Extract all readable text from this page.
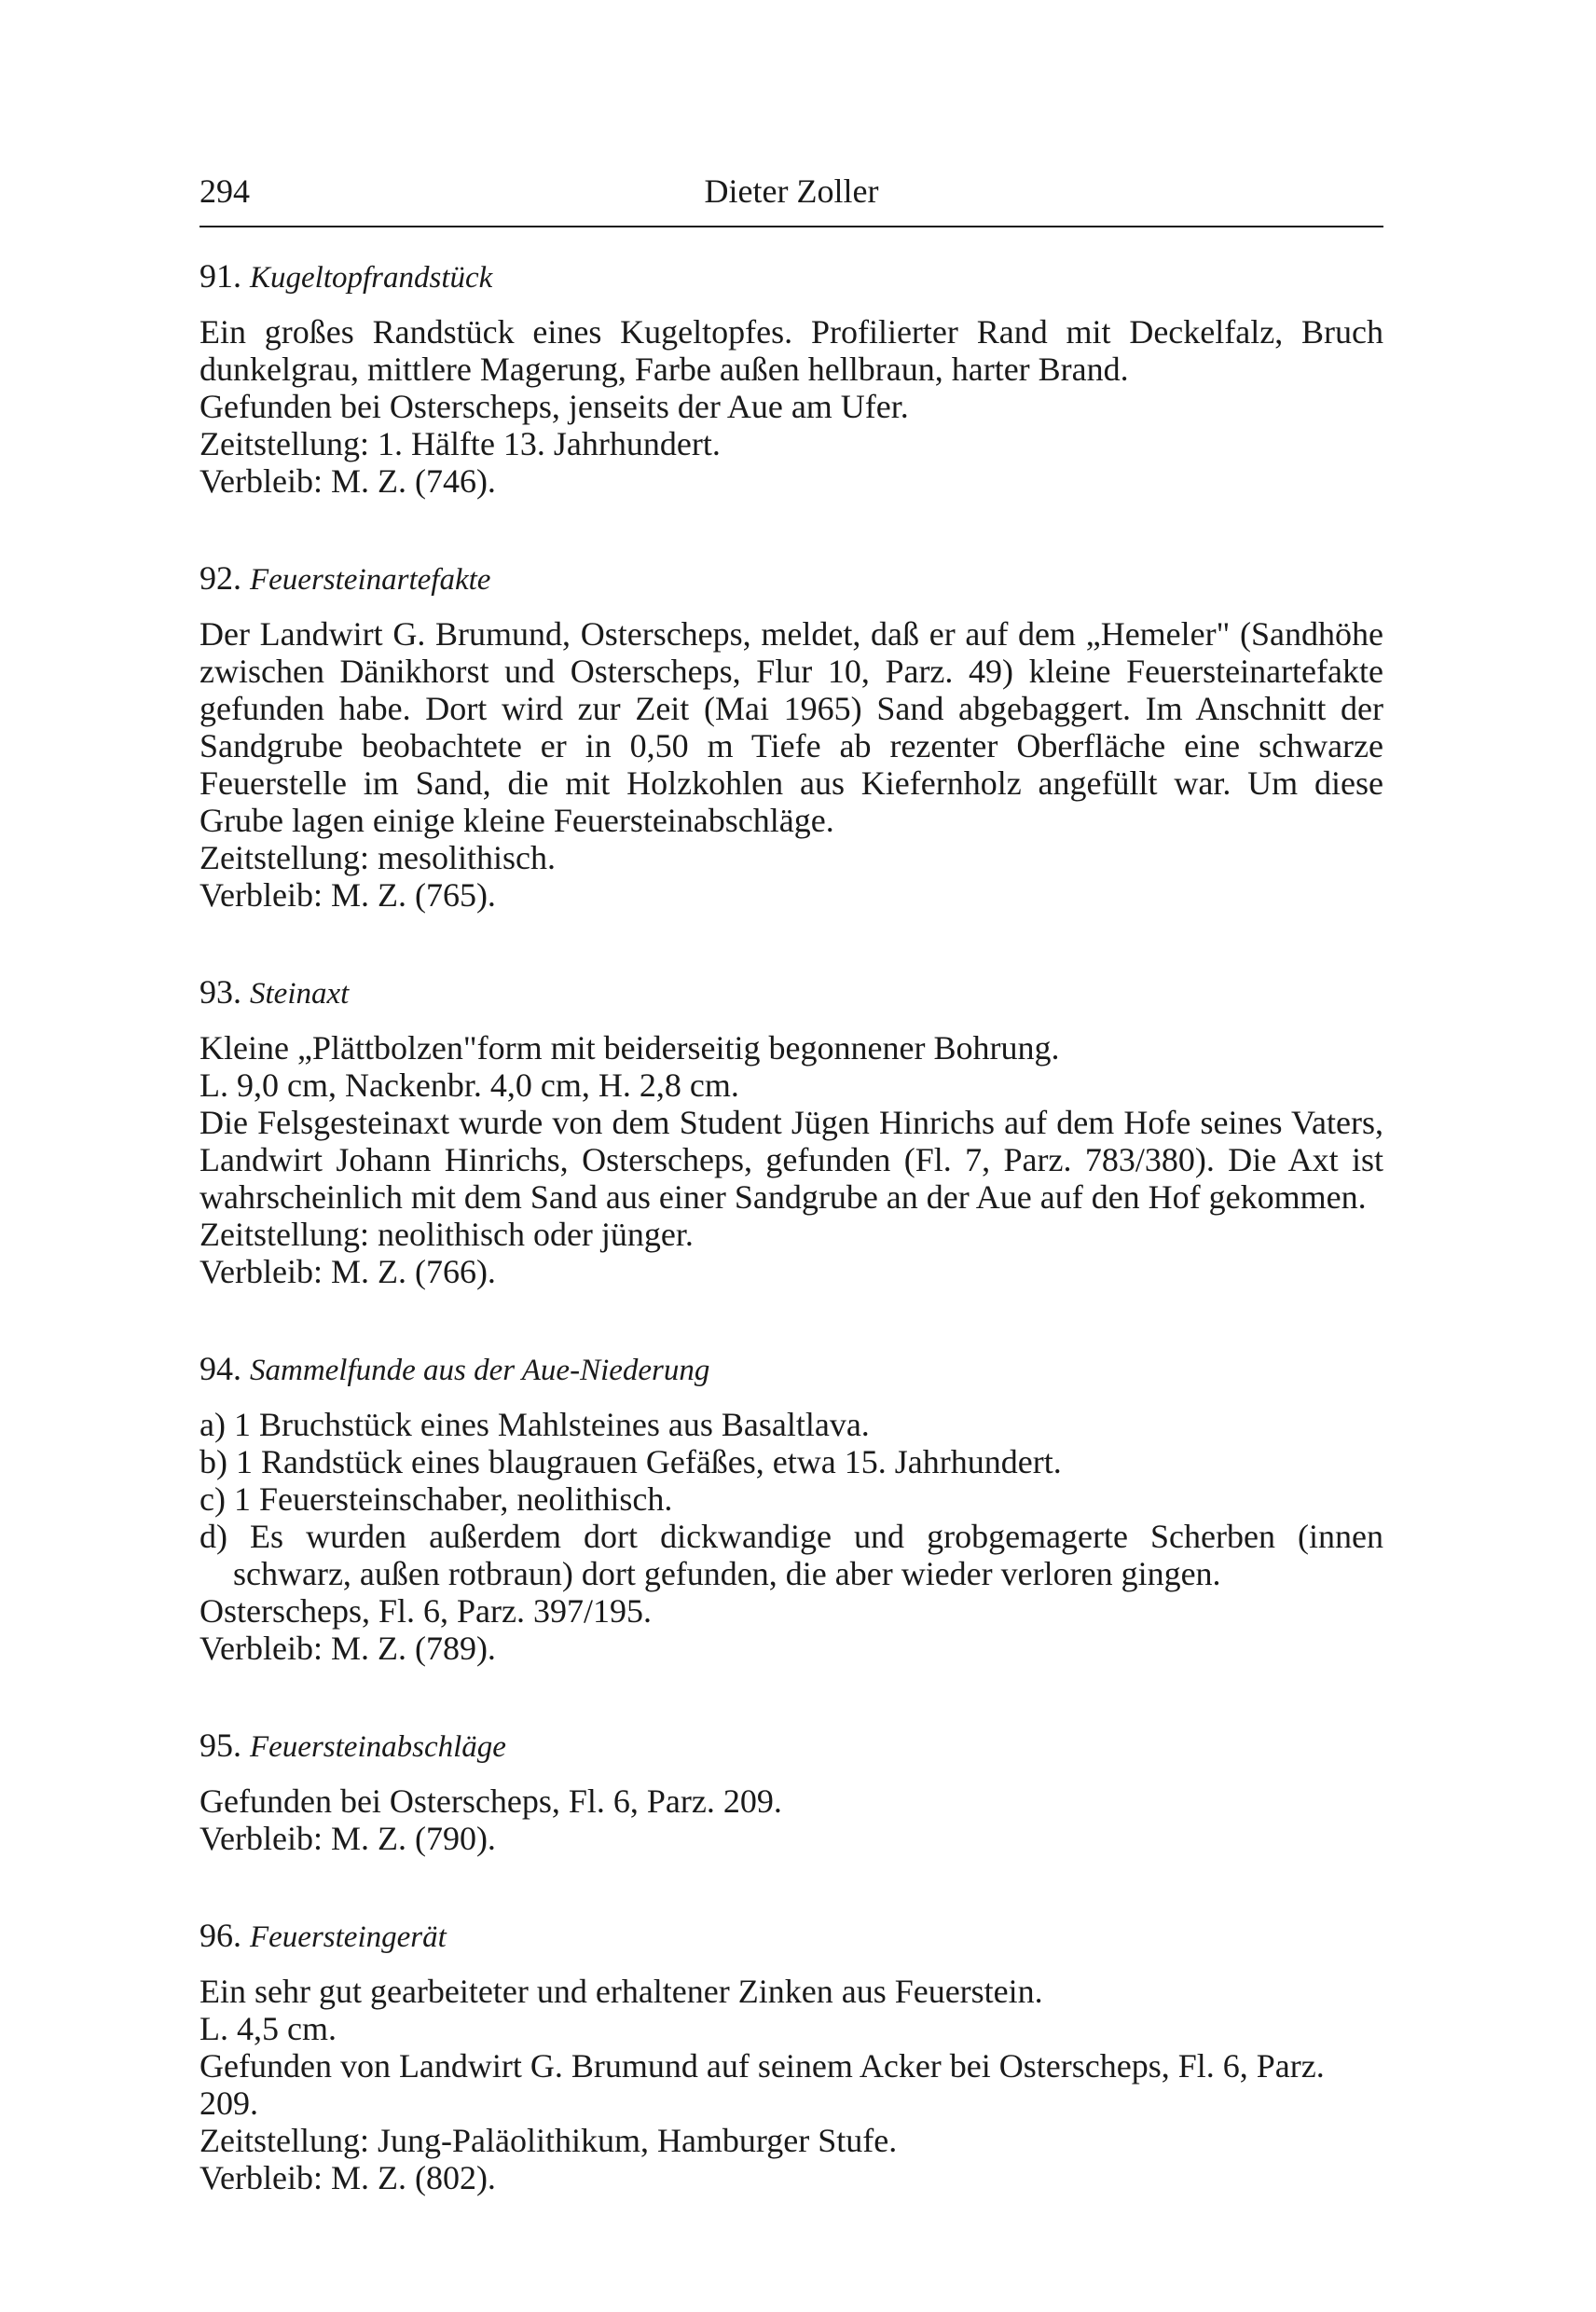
294	Dieter Zoller
91. Kugeltopfrandstück

Ein großes Randstück eines Kugeltopfes. Profilierter Rand mit Deckelfalz, Bruch dunkelgrau, mittlere Magerung, Farbe außen hellbraun, harter Brand.

Gefunden bei Osterscheps, jenseits der Aue am Ufer.

Zeitstellung: 1. Hälfte 13. Jahrhundert.

Verbleib: M. Z. (746).

92. Feuersteinartefakte

Der Landwirt G. Brumund, Osterscheps, meldet, daß er auf dem „Hemeler" (Sandhöhe zwischen Dänikhorst und Osterscheps, Flur 10, Parz. 49) kleine Feuersteinartefakte gefunden habe. Dort wird zur Zeit (Mai 1965) Sand abgebaggert. Im Anschnitt der Sandgrube beobachtete er in 0,50 m Tiefe ab rezenter Oberfläche eine schwarze Feuerstelle im Sand, die mit Holzkohlen aus Kiefernholz angefüllt war. Um diese Grube lagen einige kleine Feuersteinabschläge.

Zeitstellung: mesolithisch.

Verbleib: M. Z. (765).

93. Steinaxt

Kleine „Plättbolzen"form mit beiderseitig begonnener Bohrung.

L. 9,0 cm, Nackenbr. 4,0 cm, H. 2,8 cm.

Die Felsgesteinaxt wurde von dem Student Jügen Hinrichs auf dem Hofe seines Vaters, Landwirt Johann Hinrichs, Osterscheps, gefunden (Fl. 7, Parz. 783/380). Die Axt ist wahrscheinlich mit dem Sand aus einer Sandgrube an der Aue auf den Hof gekommen.

Zeitstellung: neolithisch oder jünger.

Verbleib: M. Z. (766).

94. Sammelfunde aus der Aue-Niederung

a) 1 Bruchstück eines Mahlsteines aus Basaltlava.

b) 1 Randstück eines blaugrauen Gefäßes, etwa 15. Jahrhundert.

c) 1 Feuersteinschaber, neolithisch.

d) Es wurden außerdem dort dickwandige und grobgemagerte Scherben (innen schwarz, außen rotbraun) dort gefunden, die aber wieder verloren gingen.

Osterscheps, Fl. 6, Parz. 397/195.

Verbleib: M. Z. (789).

95. Feuersteinabschläge

Gefunden bei Osterscheps, Fl. 6, Parz. 209.

Verbleib: M. Z. (790).

96. Feuersteingerät

Ein sehr gut gearbeiteter und erhaltener Zinken aus Feuerstein.

L. 4,5 cm.

Gefunden von Landwirt G. Brumund auf seinem Acker bei Osterscheps, Fl. 6, Parz. 209.

Zeitstellung: Jung-Paläolithikum, Hamburger Stufe.

Verbleib: M. Z. (802).
